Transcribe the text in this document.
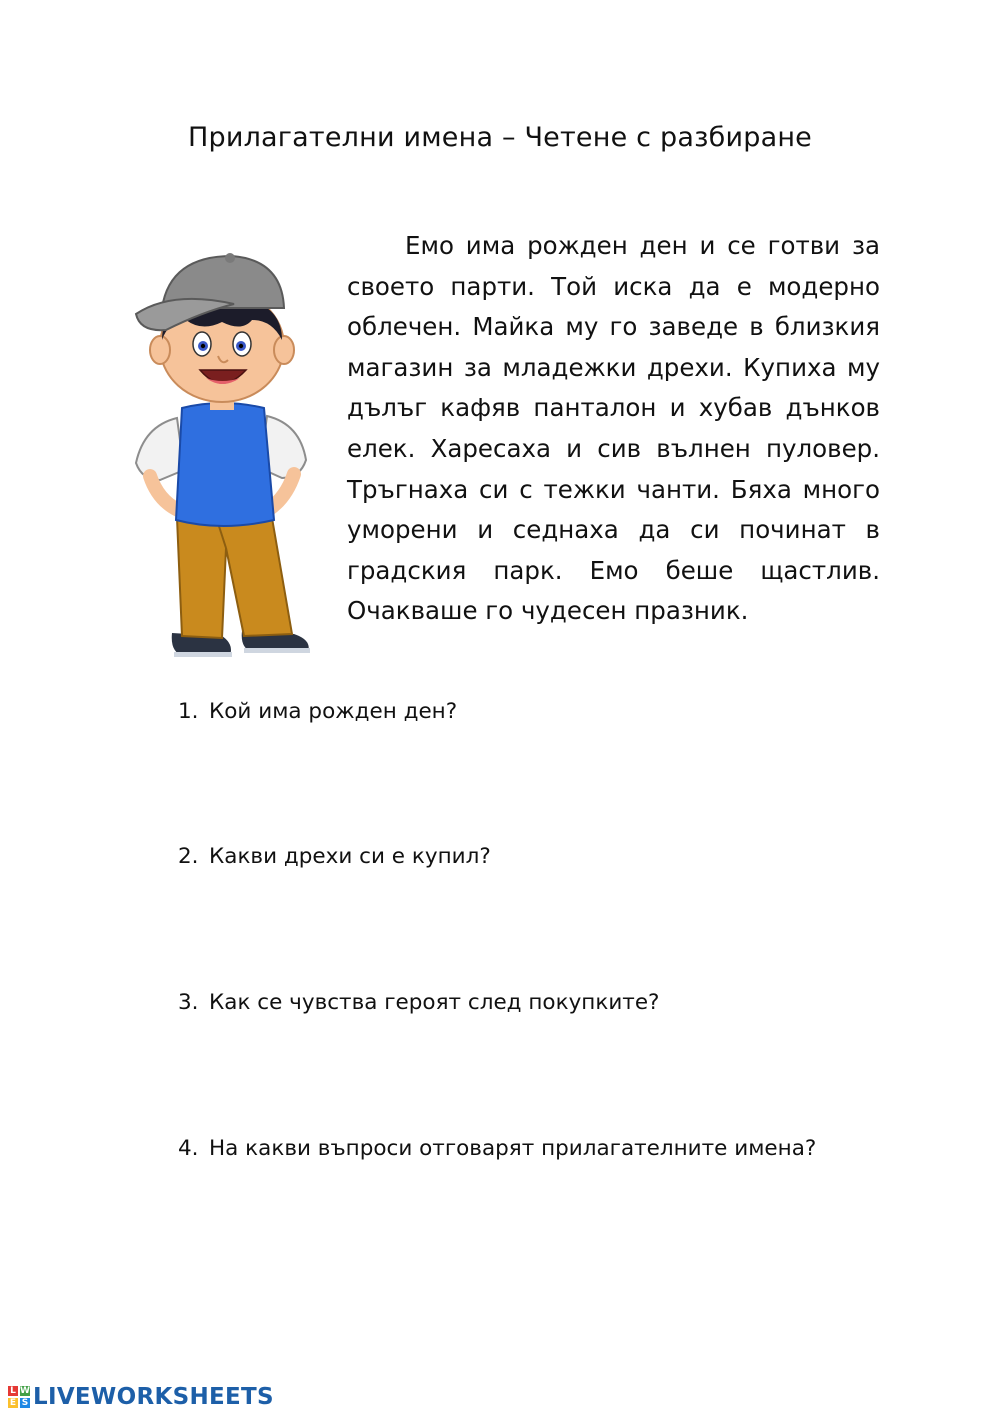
Прилагателни имена – Четене с разбиране
Емо има рожден ден и се готви за своето парти. Той иска да е модерно облечен. Майка му го заведе в близкия магазин за младежки дрехи. Купиха му дълъг кафяв панталон и хубав дънков елек. Харесаха и сив вълнен пуловер. Тръгнаха си с тежки чанти. Бяха много уморени и седнаха да си починат в градския парк. Емо беше щастлив. Очакваше го чудесен празник.
1. Кой има рожден ден?
2. Какви дрехи си е купил?
3. Как се чувства героят след покупките?
4. На какви въпроси отговарят прилагателните имена?
L W
E S LIVEWORKSHEETS
